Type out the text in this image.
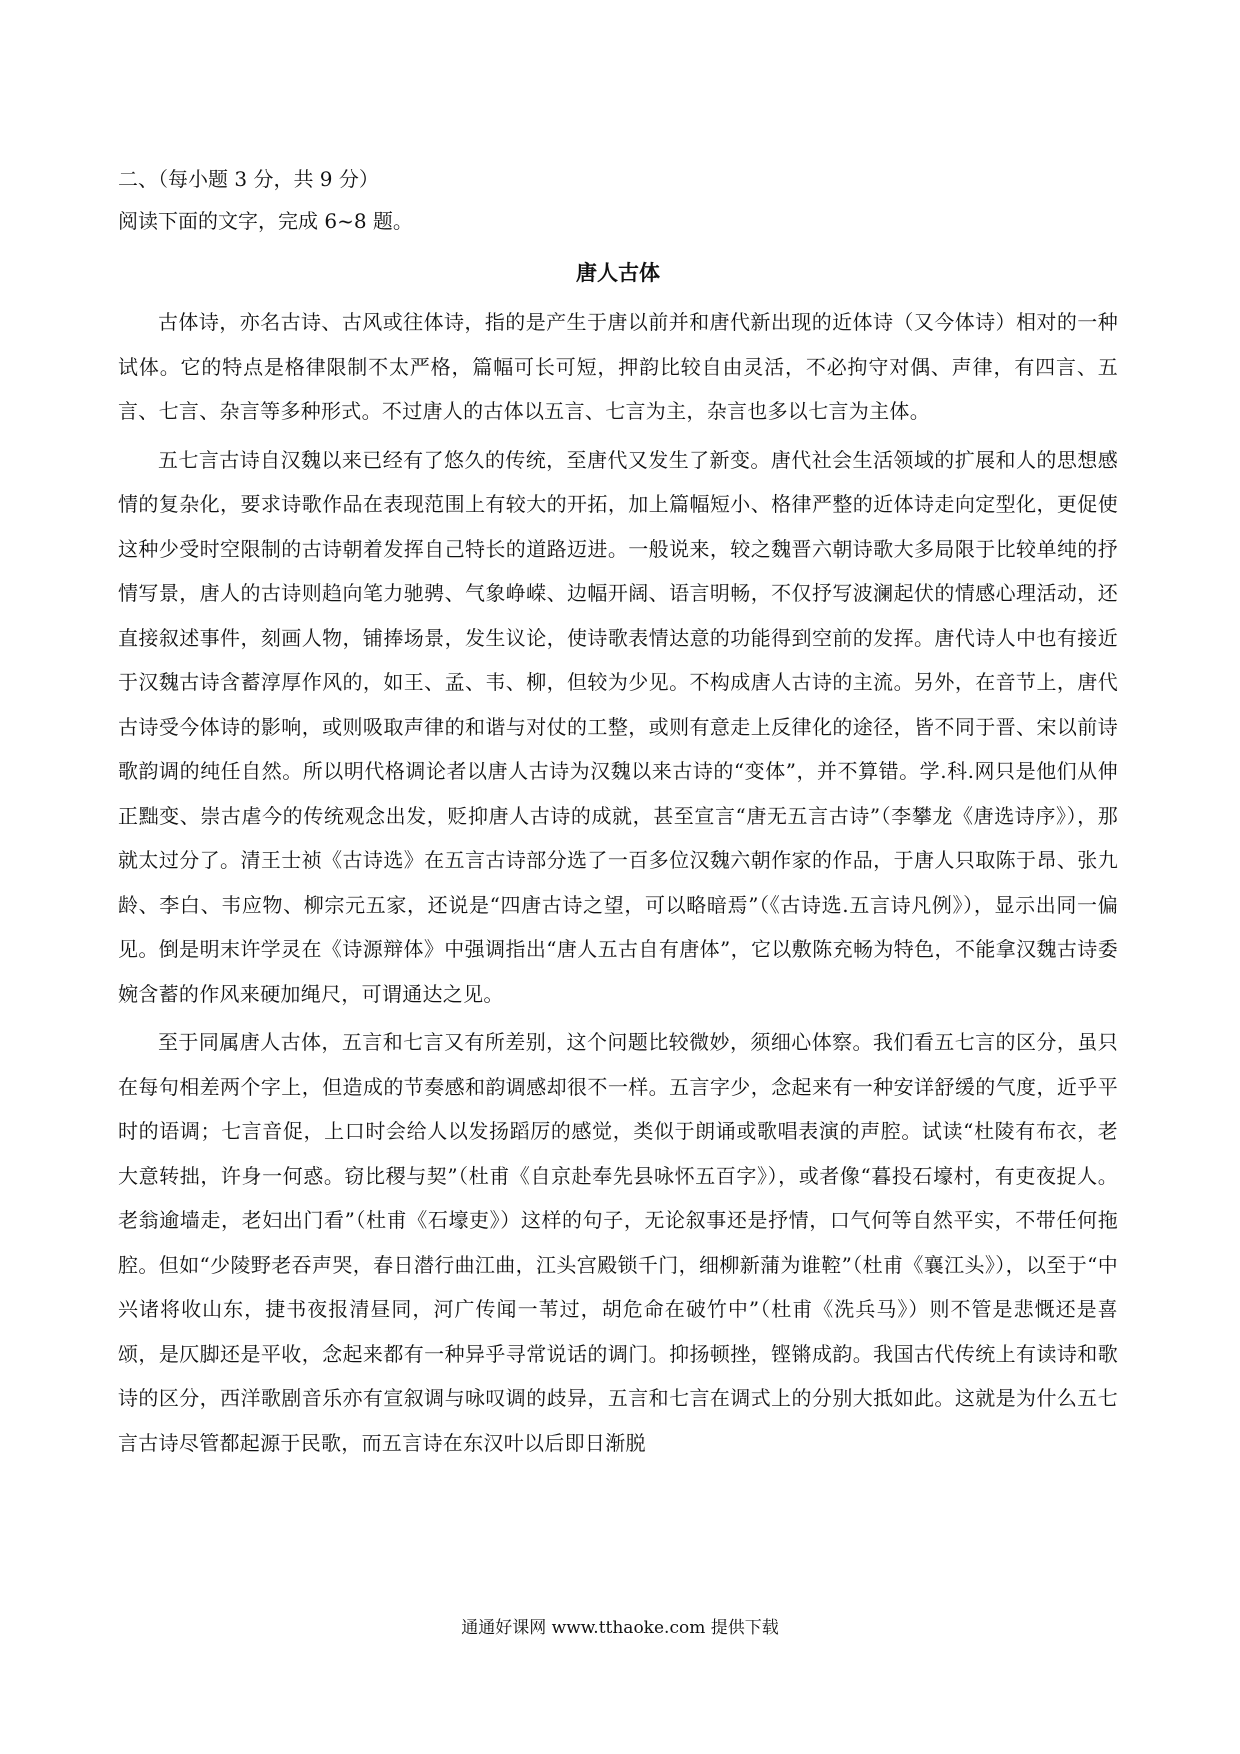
二、（每小题 3 分，共 9 分）

阅读下面的文字，完成 6~8 题。

唐人古体

古体诗，亦名古诗、古风或往体诗，指的是产生于唐以前并和唐代新出现的近体诗（又今体诗）相对的一种试体。它的特点是格律限制不太严格，篇幅可长可短，押韵比较自由灵活，不必拘守对偶、声律，有四言、五言、七言、杂言等多种形式。不过唐人的古体以五言、七言为主，杂言也多以七言为主体。

五七言古诗自汉魏以来已经有了悠久的传统，至唐代又发生了新变。唐代社会生活领域的扩展和人的思想感情的复杂化，要求诗歌作品在表现范围上有较大的开拓，加上篇幅短小、格律严整的近体诗走向定型化，更促使这种少受时空限制的古诗朝着发挥自己特长的道路迈进。一般说来，较之魏晋六朝诗歌大多局限于比较单纯的抒情写景，唐人的古诗则趋向笔力驰骋、气象峥嵘、边幅开阔、语言明畅，不仅抒写波澜起伏的情感心理活动，还直接叙述事件，刻画人物，铺捧场景，发生议论，使诗歌表情达意的功能得到空前的发挥。唐代诗人中也有接近于汉魏古诗含蓄淳厚作风的，如王、孟、韦、柳，但较为少见。不构成唐人古诗的主流。另外，在音节上，唐代古诗受今体诗的影响，或则吸取声律的和谐与对仗的工整，或则有意走上反律化的途径，皆不同于晋、宋以前诗歌韵调的纯任自然。所以明代格调论者以唐人古诗为汉魏以来古诗的“变体”，并不算错。学.科.网只是他们从伸正黜变、崇古虐今的传统观念出发，贬抑唐人古诗的成就，甚至宣言“唐无五言古诗”（李攀龙《唐选诗序》），那就太过分了。清王士祯《古诗选》在五言古诗部分选了一百多位汉魏六朝作家的作品，于唐人只取陈于昂、张九龄、李白、韦应物、柳宗元五家，还说是“四唐古诗之望，可以略暗焉”（《古诗选.五言诗凡例》），显示出同一偏见。倒是明末许学灵在《诗源辩体》中强调指出“唐人五古自有唐体”，它以敷陈充畅为特色，不能拿汉魏古诗委婉含蓄的作风来硬加绳尺，可谓通达之见。

至于同属唐人古体，五言和七言又有所差别，这个问题比较微妙，须细心体察。我们看五七言的区分，虽只在每句相差两个字上，但造成的节奏感和韵调感却很不一样。五言字少，念起来有一种安详舒缓的气度，近乎平时的语调；七言音促，上口时会给人以发扬蹈厉的感觉，类似于朗诵或歌唱表演的声腔。试读“杜陵有布衣，老大意转拙，许身一何惑。窃比稷与契”（杜甫《自京赴奉先县咏怀五百字》），或者像“暮投石壕村，有吏夜捉人。老翁逾墙走，老妇出门看”（杜甫《石壕吏》）这样的句子，无论叙事还是抒情，口气何等自然平实，不带任何拖腔。但如“少陵野老吞声哭，春日潜行曲江曲，江头宫殿锁千门，细柳新蒲为谁鞚”（杜甫《襄江头》），以至于“中兴诸将收山东，捷书夜报清昼同，河广传闻一苇过，胡危命在破竹中”（杜甫《洗兵马》）则不管是悲慨还是喜颂，是仄脚还是平收，念起来都有一种异乎寻常说话的调门。抑扬顿挫，铿锵成韵。我国古代传统上有读诗和歌诗的区分，西洋歌剧音乐亦有宣叙调与咏叹调的歧异，五言和七言在调式上的分别大抵如此。这就是为什么五七言古诗尽管都起源于民歌，而五言诗在东汉叶以后即日渐脱

通通好课网 www.tthaoke.com 提供下载
